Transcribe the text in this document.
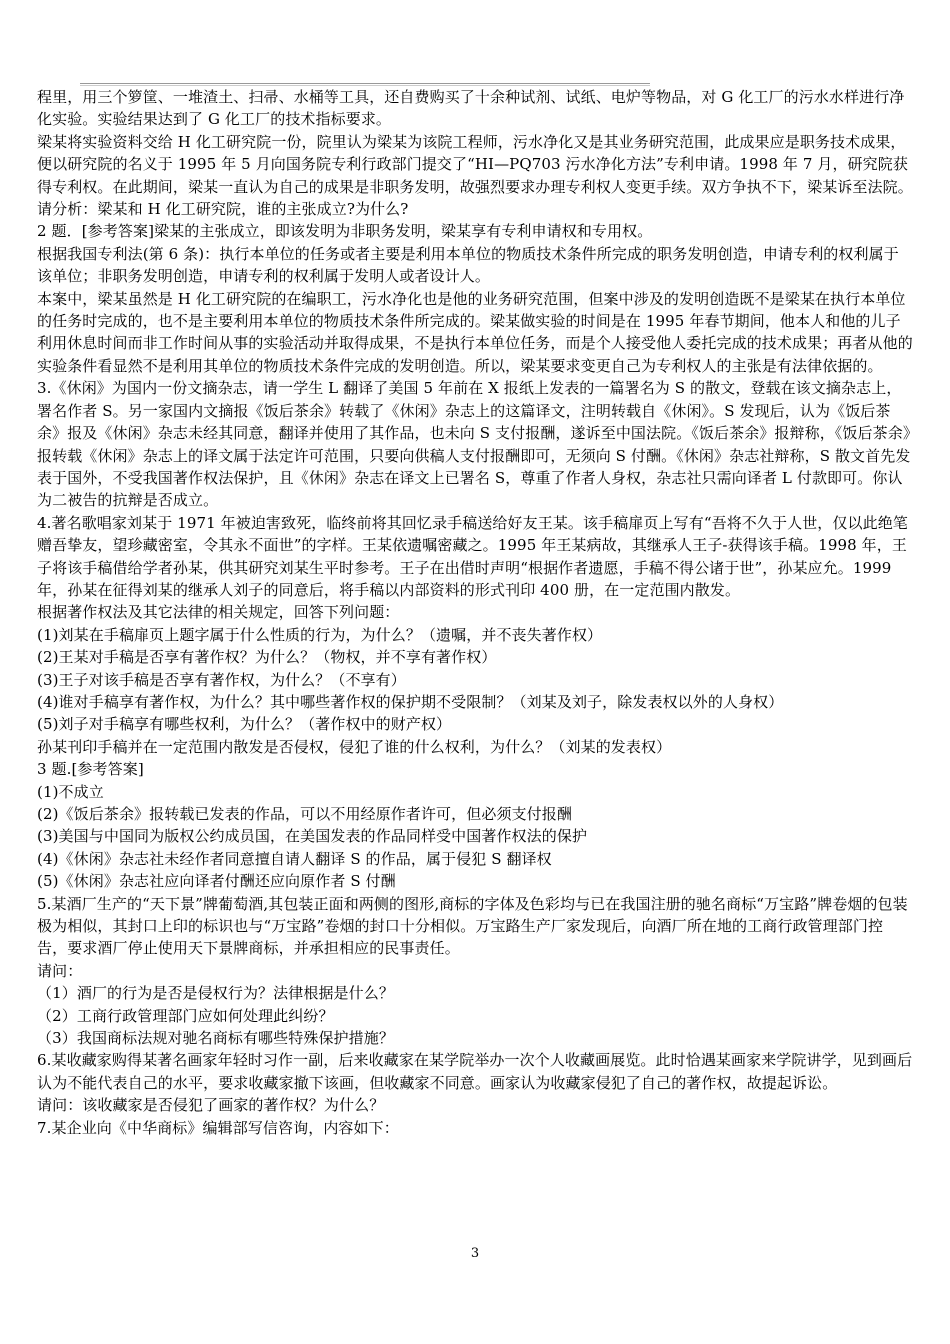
程里，用三个箩筐、一堆渣土、扫帚、水桶等工具，还自费购买了十余种试剂、试纸、电炉等物品，对 G 化工厂的污水水样进行净化实验。实验结果达到了 G 化工厂的技术指标要求。

梁某将实验资料交给 H 化工研究院一份，院里认为梁某为该院工程师，污水净化又是其业务研究范围，此成果应是职务技术成果，便以研究院的名义于 1995 年 5 月向国务院专利行政部门提交了“HI—PQ703 污水净化方法”专利申请。1998 年 7 月，研究院获得专利权。在此期间，梁某一直认为自己的成果是非职务发明，故强烈要求办理专利权人变更手续。双方争执不下，梁某诉至法院。

请分析：梁某和 H 化工研究院，谁的主张成立?为什么?

2 题．[参考答案]梁某的主张成立，即该发明为非职务发明，梁某享有专利申请权和专用权。

根据我国专利法(第 6 条)：执行本单位的任务或者主要是利用本单位的物质技术条件所完成的职务发明创造，申请专利的权利属于该单位；非职务发明创造，申请专利的权利属于发明人或者设计人。

本案中，梁某虽然是 H 化工研究院的在编职工，污水净化也是他的业务研究范围，但案中涉及的发明创造既不是梁某在执行本单位的任务时完成的，也不是主要利用本单位的物质技术条件所完成的。梁某做实验的时间是在 1995 年春节期间，他本人和他的儿子利用休息时间而非工作时间从事的实验活动并取得成果，不是执行本单位任务，而是个人接受他人委托完成的技术成果；再者从他的实验条件看显然不是利用其单位的物质技术条件完成的发明创造。所以，梁某要求变更自己为专利权人的主张是有法律依据的。

3.《休闲》为国内一份文摘杂志，请一学生 L 翻译了美国 5 年前在 X 报纸上发表的一篇署名为 S 的散文，登载在该文摘杂志上，署名作者 S。另一家国内文摘报《饭后茶余》转载了《休闲》杂志上的这篇译文，注明转载自《休闲》。S 发现后，认为《饭后茶余》报及《休闲》杂志未经其同意，翻译并使用了其作品，也未向 S 支付报酬，遂诉至中国法院。《饭后茶余》报辩称，《饭后茶余》报转载《休闲》杂志上的译文属于法定许可范围，只要向供稿人支付报酬即可，无须向 S 付酬。《休闲》杂志社辩称，S 散文首先发表于国外，不受我国著作权法保护，且《休闲》杂志在译文上已署名 S，尊重了作者人身权，杂志社只需向译者 L 付款即可。你认为二被告的抗辩是否成立。

4.著名歌唱家刘某于 1971 年被迫害致死，临终前将其回忆录手稿送给好友王某。该手稿扉页上写有“吾将不久于人世，仅以此绝笔赠吾挚友，望珍藏密室，令其永不面世”的字样。王某依遗嘱密藏之。1995 年王某病故，其继承人王子-获得该手稿。1998 年，王子将该手稿借给学者孙某，供其研究刘某生平时参考。王子在出借时声明“根据作者遗愿，手稿不得公诸于世”，孙某应允。1999 年，孙某在征得刘某的继承人刘子的同意后，将手稿以内部资料的形式刊印 400 册，在一定范围内散发。

根据著作权法及其它法律的相关规定，回答下列问题：

(1)刘某在手稿扉页上题字属于什么性质的行为，为什么？（遗嘱，并不丧失著作权）

(2)王某对手稿是否享有著作权？为什么？（物权，并不享有著作权）

(3)王子对该手稿是否享有著作权，为什么？（不享有）

(4)谁对手稿享有著作权，为什么？其中哪些著作权的保护期不受限制？（刘某及刘子，除发表权以外的人身权）

(5)刘子对手稿享有哪些权利，为什么？（著作权中的财产权）

孙某刊印手稿并在一定范围内散发是否侵权，侵犯了谁的什么权利，为什么？（刘某的发表权）

3 题.[参考答案]

(1)不成立

(2)《饭后茶余》报转载已发表的作品，可以不用经原作者许可，但必须支付报酬

(3)美国与中国同为版权公约成员国，在美国发表的作品同样受中国著作权法的保护

(4)《休闲》杂志社未经作者同意擅自请人翻译 S 的作品，属于侵犯 S 翻译权

(5)《休闲》杂志社应向译者付酬还应向原作者 S 付酬

5.某酒厂生产的“天下景”牌葡萄酒,其包装正面和两侧的图形,商标的字体及色彩均与已在我国注册的驰名商标“万宝路”牌卷烟的包装极为相似，其封口上印的标识也与“万宝路”卷烟的封口十分相似。万宝路生产厂家发现后，向酒厂所在地的工商行政管理部门控告，要求酒厂停止使用天下景牌商标，并承担相应的民事责任。

请问：

（1）酒厂的行为是否是侵权行为？法律根据是什么？

（2）工商行政管理部门应如何处理此纠纷？

（3）我国商标法规对驰名商标有哪些特殊保护措施？

6.某收藏家购得某著名画家年轻时习作一副，后来收藏家在某学院举办一次个人收藏画展览。此时恰遇某画家来学院讲学，见到画后认为不能代表自己的水平，要求收藏家撤下该画，但收藏家不同意。画家认为收藏家侵犯了自己的著作权，故提起诉讼。

请问：该收藏家是否侵犯了画家的著作权？为什么？

7.某企业向《中华商标》编辑部写信咨询，内容如下：

3
